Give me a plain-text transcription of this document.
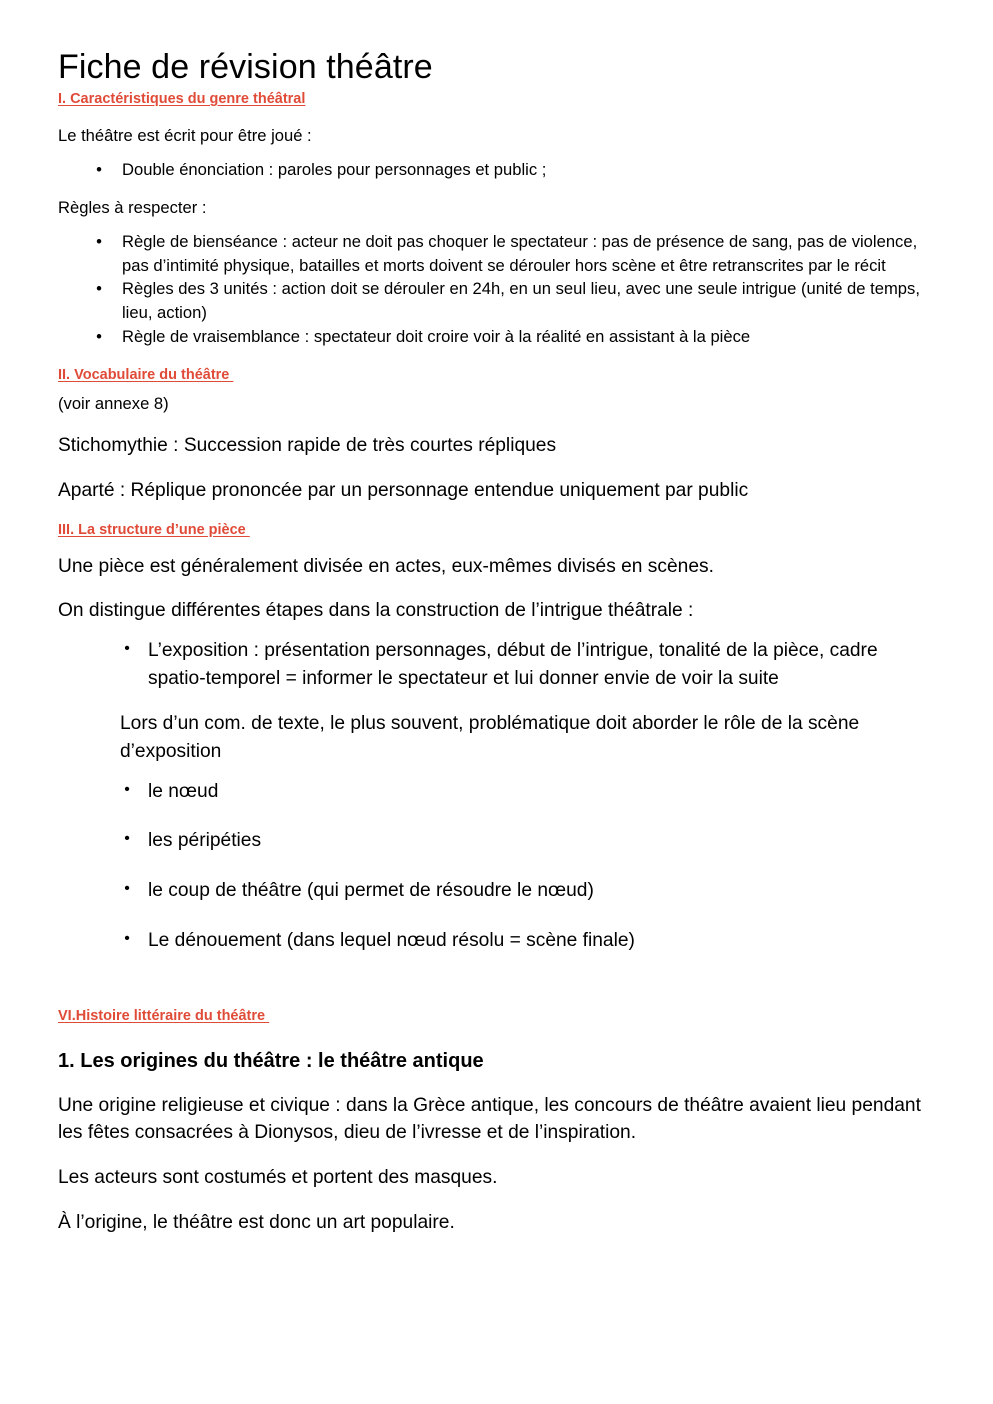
Fiche de révision théâtre
I. Caractéristiques du genre théâtral

Le théâtre est écrit pour être joué :

• Double énonciation : paroles pour personnages et public ;

Règles à respecter :

• Règle de bienséance : acteur ne doit pas choquer le spectateur : pas de présence de sang, pas de violence, pas d’intimité physique, batailles et morts doivent se dérouler hors scène et être retranscrites par le récit
• Règles des 3 unités : action doit se dérouler en 24h, en un seul lieu, avec une seule intrigue (unité de temps, lieu, action)
• Règle de vraisemblance : spectateur doit croire voir à la réalité en assistant à la pièce
II. Vocabulaire du théâtre

(voir annexe 8)

Stichomythie : Succession rapide de très courtes répliques

Aparté : Réplique prononcée par un personnage entendue uniquement par public

III. La structure d’une pièce

Une pièce est généralement divisée en actes, eux-mêmes divisés en scènes.

On distingue différentes étapes dans la construction de l’intrigue théâtrale :

• L’exposition : présentation personnages, début de l’intrigue, tonalité de la pièce, cadre spatio-temporel = informer le spectateur et lui donner envie de voir la suite

Lors d’un com. de texte, le plus souvent, problématique doit aborder le rôle de la scène d’exposition

• le nœud
• les péripéties
• le coup de théâtre (qui permet de résoudre le nœud)
• Le dénouement (dans lequel nœud résolu = scène finale)
VI.Histoire littéraire du théâtre
1. Les origines du théâtre : le théâtre antique

Une origine religieuse et civique : dans la Grèce antique, les concours de théâtre avaient lieu pendant les fêtes consacrées à Dionysos, dieu de l’ivresse et de l’inspiration.

Les acteurs sont costumés et portent des masques.

À l’origine, le théâtre est donc un art populaire.
